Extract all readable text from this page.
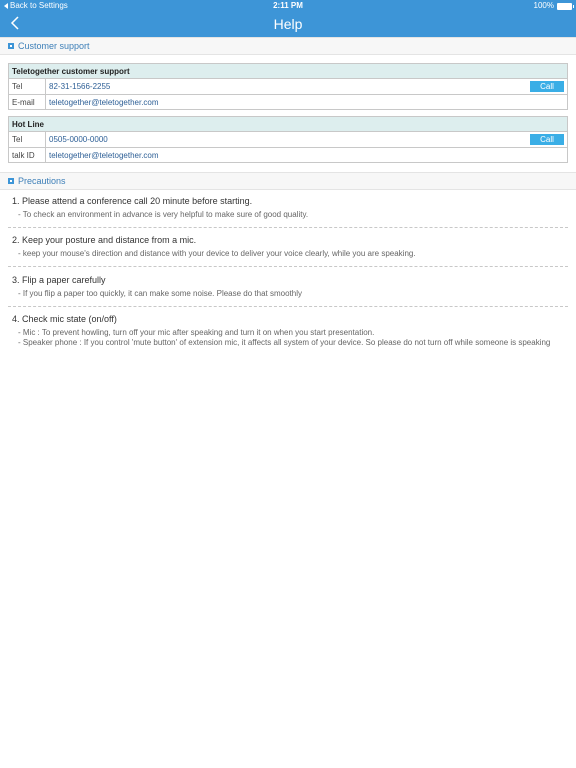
Back to Settings	2:11 PM	100%
Help
Customer support
Teletogether customer support
Tel	82-31-1566-2255	Call
E-mail	teletogether@teletogether.com
Hot Line
Tel	0505-0000-0000	Call
talk ID	teletogether@teletogether.com
Precautions
1. Please attend a conference call 20 minute before starting.
- To check an environment in advance is very helpful to make sure of good quality.
2. Keep your posture and distance from a mic.
- keep your mouse's direction and distance with your device to deliver your voice clearly, while you are speaking.
3. Flip a paper carefully
- If you flip a paper too quickly, it can make some noise. Please do that smoothly
4. Check mic state (on/off)
- Mic : To prevent howling, turn off your mic after speaking and turn it on when you start presentation.
- Speaker phone : If you control 'mute button' of extension mic, it affects all system of your device. So please do not turn off while someone is speaking
